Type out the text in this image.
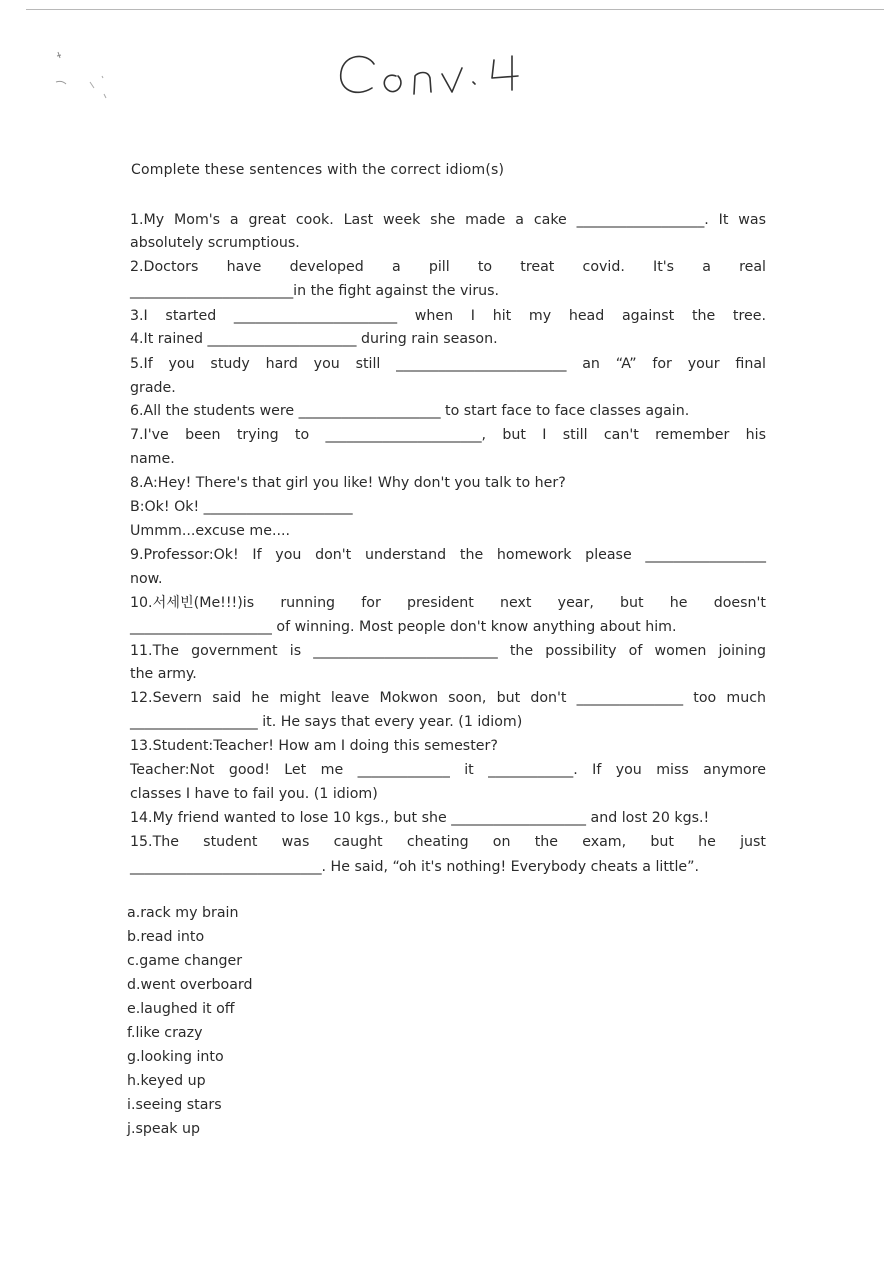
Complete these sentences with the correct idiom(s)
1.My Mom's a great cook. Last week she made a cake __________________. It was
absolutely scrumptious.
2.Doctors have developed a pill to treat covid. It's a real
_______________________in the fight against the virus.
3.I started _______________________ when I hit my head against the tree.
4.It rained _____________________ during rain season.
5.If you study hard you still ________________________ an “A” for your final
grade.
6.All the students were ____________________ to start face to face classes again.
7.I've been trying to ______________________, but I still can't remember his
name.
8.A:Hey! There's that girl you like! Why don't you talk to her?
B:Ok! Ok! _____________________
Ummm...excuse me....
9.Professor:Ok! If you don't understand the homework please _________________
now.
10.서세빈(Me!!!)is running for president next year, but he doesn't
____________________ of winning. Most people don't know anything about him.
11.The government is __________________________ the possibility of women joining
the army.
12.Severn said he might leave Mokwon soon, but don't _______________ too much
__________________ it. He says that every year. (1 idiom)
13.Student:Teacher! How am I doing this semester?
Teacher:Not good! Let me _____________ it ____________. If you miss anymore
classes I have to fail you. (1 idiom)
14.My friend wanted to lose 10 kgs., but she ___________________ and lost 20 kgs.!
15.The student was caught cheating on the exam, but he just
___________________________. He said, “oh it's nothing! Everybody cheats a little”.
a.rack my brain
b.read into
c.game changer
d.went overboard
e.laughed it off
f.like crazy
g.looking into
h.keyed up
i.seeing stars
j.speak up
